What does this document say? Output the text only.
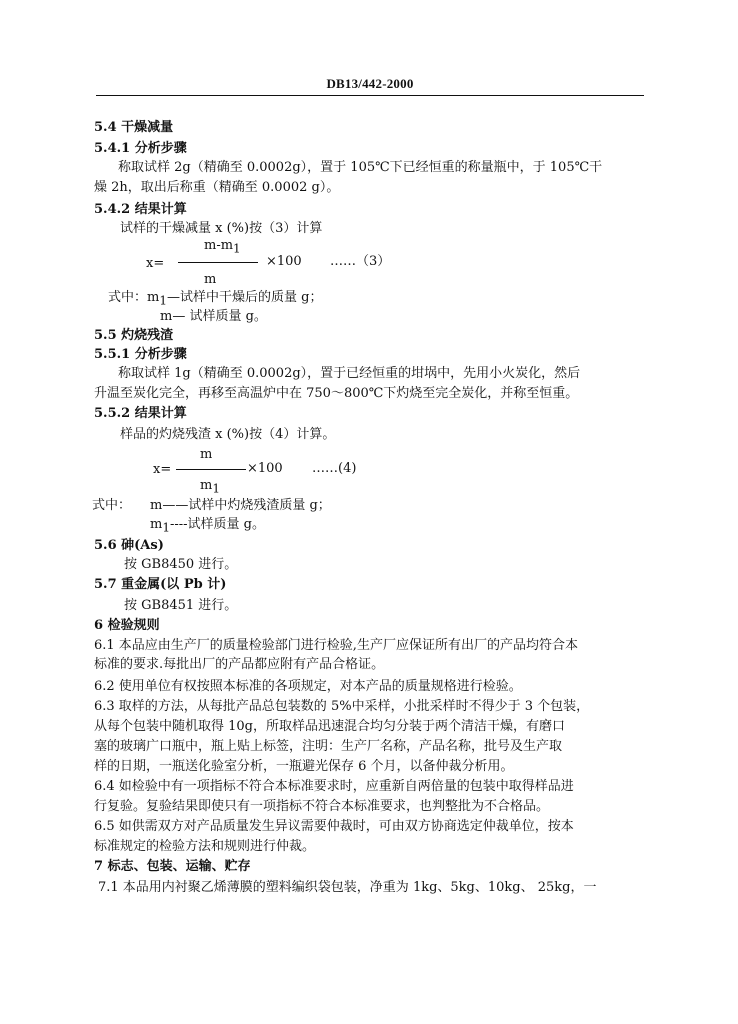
DB13/442-2000
5.4 干燥减量
5.4.1 分析步骤
称取试样 2g（精确至 0.0002g），置于 105℃下已经恒重的称量瓶中，于 105℃干
燥 2h，取出后称重（精确至 0.0002 g）。
5.4.2 结果计算
试样的干燥减量 x (%)按（3）计算
$m-m_1$
x=	×100 ……（3）
m
式中：$m_1—$试样中干燥后的质量 g；
m— 试样质量 g。
5.5 灼烧残渣
5.5.1 分析步骤
称取试样 1g（精确至 0.0002g），置于已经恒重的坩埚中，先用小火炭化，然后
升温至炭化完全，再移至高温炉中在 750～800℃下灼烧至完全炭化，并称至恒重。
5.5.2 结果计算
样品的灼烧残渣 x (%)按（4）计算。
m
x=	×100 ……(4)
$m_1$
式中： m——试样中灼烧残渣质量 g；
$m_1----$试样质量 g。
5.6 砷(As)
按 GB8450 进行。
5.7 重金属(以 Pb 计)
按 GB8451 进行。
6 检验规则
6.1 本品应由生产厂的质量检验部门进行检验,生产厂应保证所有出厂的产品均符合本
标准的要求.每批出厂的产品都应附有产品合格证。
6.2 使用单位有权按照本标准的各项规定，对本产品的质量规格进行检验。
6.3 取样的方法，从每批产品总包装数的 5%中采样，小批采样时不得少于 3 个包装，
从每个包装中随机取得 10g，所取样品迅速混合均匀分装于两个清洁干燥，有磨口
塞的玻璃广口瓶中，瓶上贴上标签，注明：生产厂名称，产品名称，批号及生产取
样的日期，一瓶送化验室分析，一瓶避光保存 6 个月，以备仲裁分析用。
6.4 如检验中有一项指标不符合本标准要求时，应重新自两倍量的包装中取得样品进
行复验。复验结果即使只有一项指标不符合本标准要求，也判整批为不合格品。
6.5 如供需双方对产品质量发生异议需要仲裁时，可由双方协商选定仲裁单位，按本
标准规定的检验方法和规则进行仲裁。
7 标志、包装、运输、贮存
7.1 本品用内衬聚乙烯薄膜的塑料编织袋包装，净重为 1kg、5kg、10kg、 25kg，一
